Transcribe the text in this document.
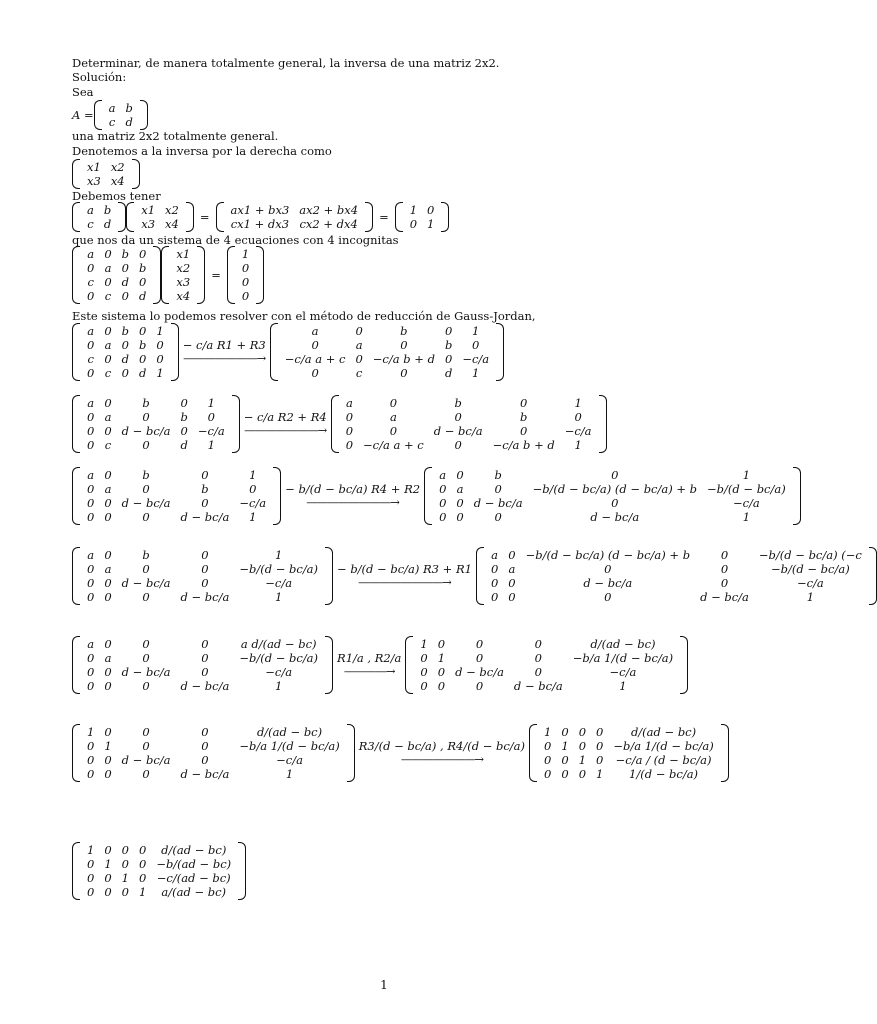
Determinar, de manera totalmente general, la inversa de una matriz 2x2.
Solución:
Sea
A = a	b
c	d
una matriz 2x2 totalmente general.
Denotemos a la inversa por la derecha como
x1	x2
x3	x4
Debemos tener
a	b
c	d
x1	x2
x3	x4
= ax1 + bx3	ax2 + bx4
cx1 + dx3	cx2 + dx4
= 1	0
0	1
que nos da un sistema de 4 ecuaciones con 4 incognitas
a	0	b	0
0	a	0	b
c	0	d	0
0	c	0	d
x1
x2
x3
x4
=
1
0
0
0
Este sistema lo podemos resolver con el método de reducción de Gauss-Jordan,
a	0	b	0	1
0	a	0	b	0
c	0	d	0	0
0	c	0	d	1
− c/a R1 + R3
———————→
a	0	b	0	1
0	a	0	b	0
−c/a a + c	0	−c/a b + d	0	−c/a
0	c	0	d	1
a	0	b	0	1
0	a	0	b	0
0	0	d − bc/a	0	−c/a
0	c	0	d	1
− c/a R2 + R4
———————→
a	0	b	0	1
0	a	0	b	0
0	0	d − bc/a	0	−c/a
0	−c/a a + c	0	−c/a b + d	1
a	0	b	0	1
0	a	0	b	0
0	0	d − bc/a	0	−c/a
0	0	0	d − bc/a	1
− b/(d − bc/a) R4 + R2
————————→
a	0	b	0	1
0	a	0	−b/(d − bc/a) (d − bc/a) + b	−b/(d − bc/a)
0	0	d − bc/a	0	−c/a
0	0	0	d − bc/a	1
a	0	b	0	1
0	a	0	0	−b/(d − bc/a)
0	0	d − bc/a	0	−c/a
0	0	0	d − bc/a	1
− b/(d − bc/a) R3 + R1
————————→
a	0	−b/(d − bc/a) (d − bc/a) + b	0	−b/(d − bc/a) (−c
0	a	0	0	−b/(d − bc/a)
0	0	d − bc/a	0	−c/a
0	0	0	d − bc/a	1
a	0	0	0	a d/(ad − bc)
0	a	0	0	−b/(d − bc/a)
0	0	d − bc/a	0	−c/a
0	0	0	d − bc/a	1
R1/a , R2/a
————→
1	0	0	0	d/(ad − bc)
0	1	0	0	−b/a 1/(d − bc/a)
0	0	d − bc/a	0	−c/a
0	0	0	d − bc/a	1
1	0	0	0	d/(ad − bc)
0	1	0	0	−b/a 1/(d − bc/a)
0	0	d − bc/a	0	−c/a
0	0	0	d − bc/a	1
R3/(d − bc/a) , R4/(d − bc/a)
———————→
1	0	0	0	d/(ad − bc)
0	1	0	0	−b/a 1/(d − bc/a)
0	0	1	0	−c/a / (d − bc/a)
0	0	0	1	1/(d − bc/a)
1	0	0	0	d/(ad − bc)
0	1	0	0	−b/(ad − bc)
0	0	1	0	−c/(ad − bc)
0	0	0	1	a/(ad − bc)
1
